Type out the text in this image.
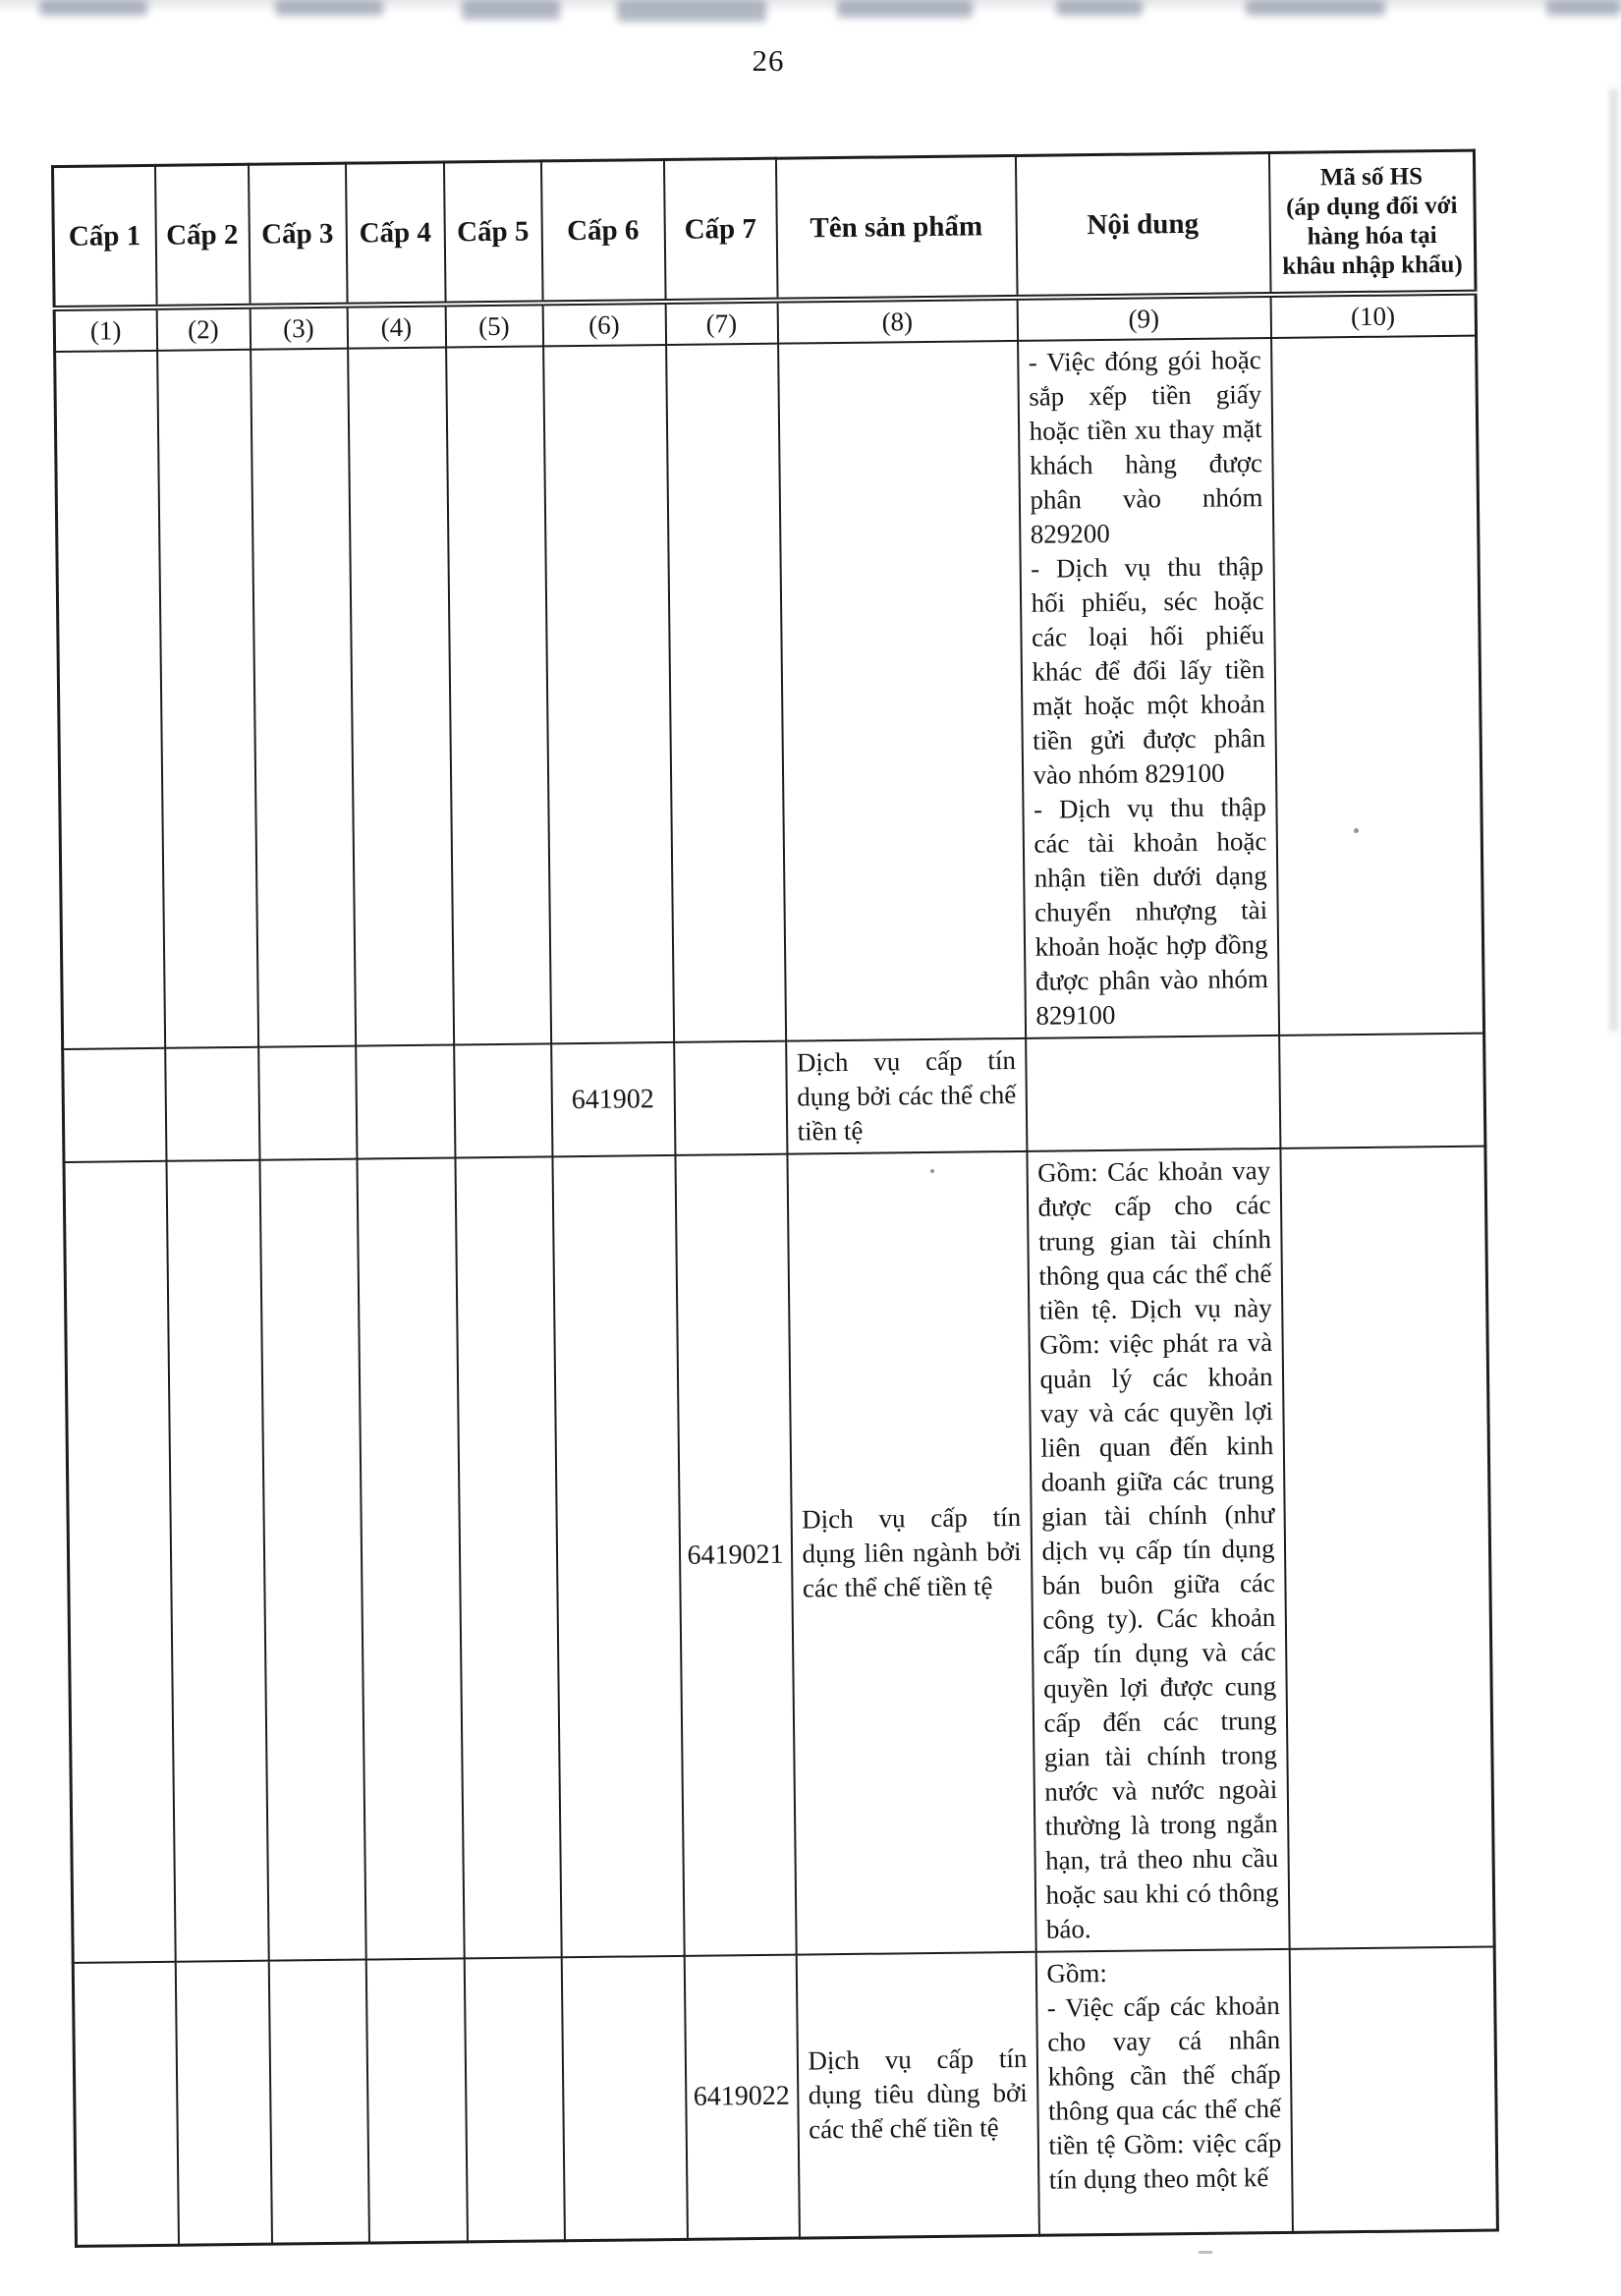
26
Cấp 1	Cấp 2	Cấp 3	Cấp 4	Cấp 5	Cấp 6	Cấp 7	Tên sản phẩm	Nội dung	Mã số HS
(áp dụng đối với
hàng hóa tại
khâu nhập khẩu)
(1)	(2)	(3)	(4)	(5)	(6)	(7)	(8)	(9)	(10)
								- Việc đóng gói hoặc sắp xếp tiền giấy hoặc tiền xu thay mặt khách hàng được phân vào nhóm 829200
- Dịch vụ thu thập hối phiếu, séc hoặc các loại hối phiếu khác để đổi lấy tiền mặt hoặc một khoản tiền gửi được phân vào nhóm 829100
- Dịch vụ thu thập các tài khoản hoặc nhận tiền dưới dạng chuyển nhượng tài khoản hoặc hợp đồng được phân vào nhóm 829100	
					641902		Dịch vụ cấp tín dụng bởi các thể chế tiền tệ		
						6419021	Dịch vụ cấp tín dụng liên ngành bởi các thể chế tiền tệ	Gồm: Các khoản vay được cấp cho các trung gian tài chính thông qua các thể chế tiền tệ. Dịch vụ này Gồm: việc phát ra và quản lý các khoản vay và các quyền lợi liên quan đến kinh doanh giữa các trung gian tài chính (như dịch vụ cấp tín dụng bán buôn giữa các công ty). Các khoản cấp tín dụng và các quyền lợi được cung cấp đến các trung gian tài chính trong nước và nước ngoài thường là trong ngắn hạn, trả theo nhu cầu hoặc sau khi có thông báo.	
						6419022	Dịch vụ cấp tín dụng tiêu dùng bởi các thể chế tiền tệ	Gồm:
- Việc cấp các khoản cho vay cá nhân không cần thế chấp thông qua các thể chế tiền tệ Gồm: việc cấp tín dụng theo một kế	
